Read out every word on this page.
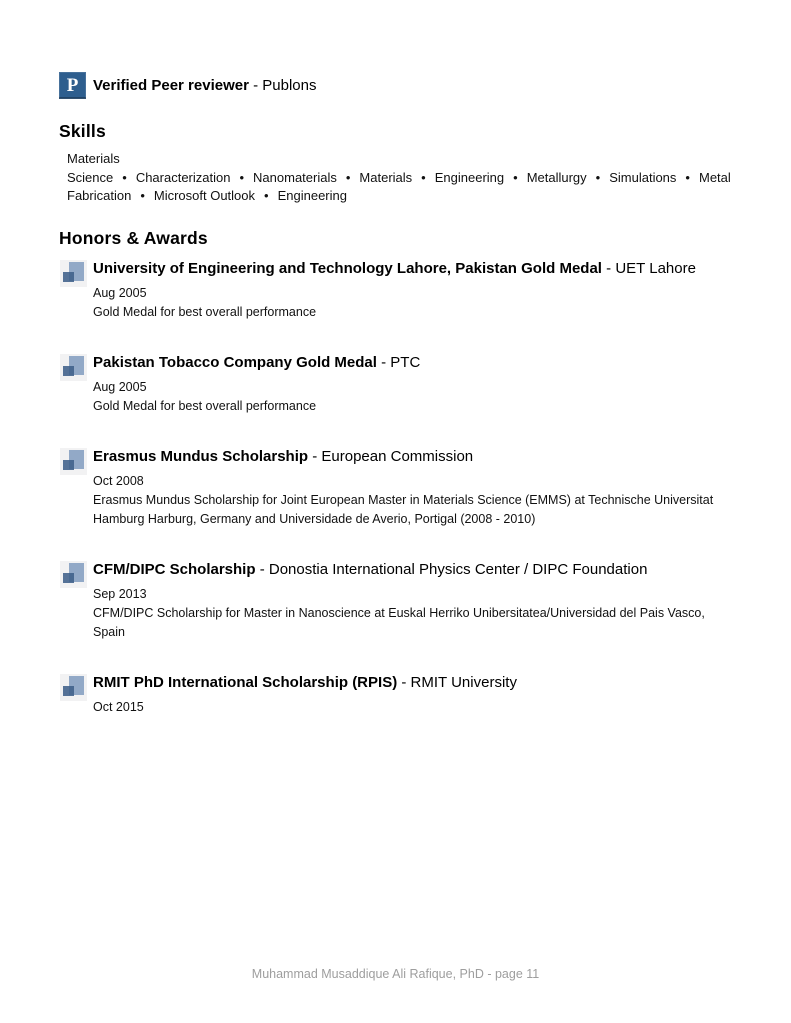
P Verified Peer reviewer - Publons
Skills

Materials Science • Characterization • Nanomaterials • Materials • Engineering • Metallurgy • Simulations • Metal Fabrication • Microsoft Outlook • Engineering

Honors & Awards
University of Engineering and Technology Lahore, Pakistan Gold Medal - UET Lahore
Aug 2005
Gold Medal for best overall performance
Pakistan Tobacco Company Gold Medal - PTC
Aug 2005
Gold Medal for best overall performance
Erasmus Mundus Scholarship - European Commission
Oct 2008
Erasmus Mundus Scholarship for Joint European Master in Materials Science (EMMS) at Technische Universitat Hamburg Harburg, Germany and Universidade de Averio, Portigal (2008 - 2010)
CFM/DIPC Scholarship - Donostia International Physics Center / DIPC Foundation
Sep 2013
CFM/DIPC Scholarship for Master in Nanoscience at Euskal Herriko Unibersitatea/Universidad del Pais Vasco, Spain
RMIT PhD International Scholarship (RPIS) - RMIT University
Oct 2015
Muhammad Musaddique Ali Rafique, PhD - page 11
